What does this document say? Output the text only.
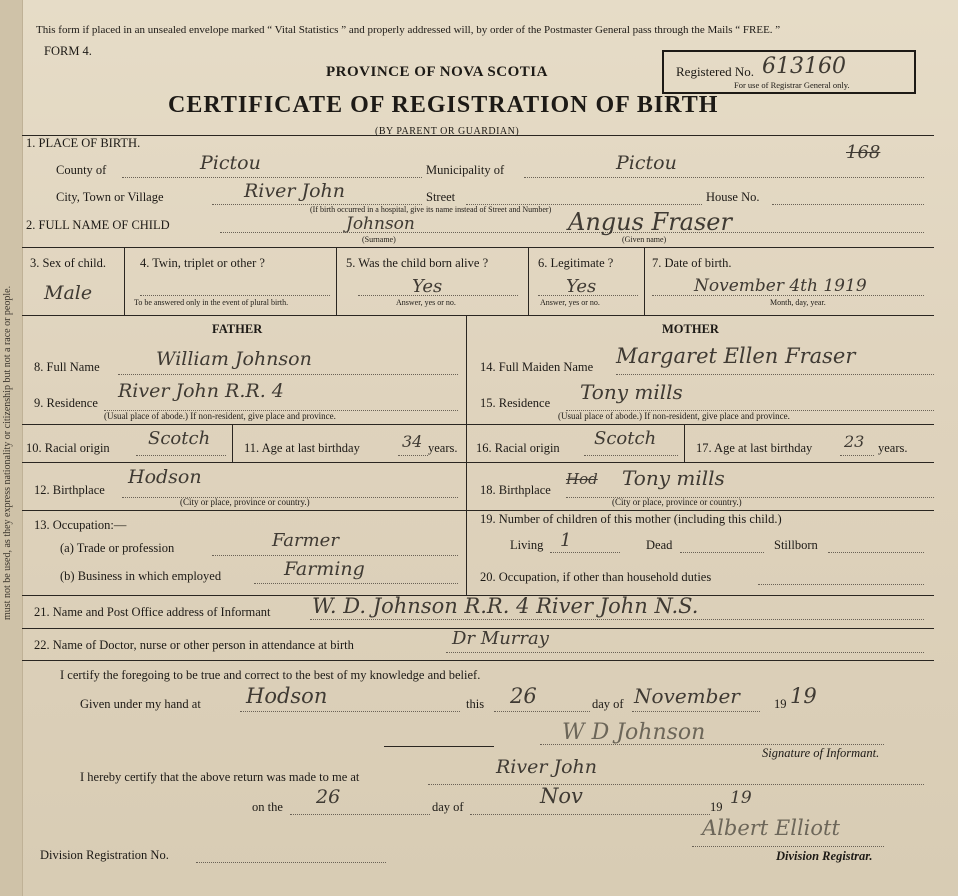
must not be used, as they express nationality or citizenship but not a race or people.
This form if placed in an unsealed envelope marked “ Vital Statistics ” and properly addressed will, by order of the Postmaster General pass through the Mails “ FREE. ”
FORM 4.
PROVINCE OF NOVA SCOTIA
CERTIFICATE OF REGISTRATION OF BIRTH
(BY PARENT OR GUARDIAN)
Registered No. 613160
For use of Registrar General only.
168
1. PLACE OF BIRTH.
County of	Pictou	Municipality of	Pictou
City, Town or Village	River John	Street	House No.
(If birth occurred in a hospital, give its name instead of Street and Number)
2. FULL NAME OF CHILD	Johnson
(Surname)
Angus Fraser
(Given name)
3. Sex of child.
Male
4. Twin, triplet or other ?
To be answered only in the event of plural birth.
5. Was the child born alive ?
Yes
Answer, yes or no.
6. Legitimate ?
Yes
Answer, yes or no.
7. Date of birth.
November 4th 1919
Month, day, year.
FATHER	MOTHER
8. Full Name	William Johnson
9. Residence
River John R.R. 4
(Usual place of abode.) If non-resident, give place and province.
10. Racial origin Scotch	11. Age at last birthday	34 years.
12. Birthplace
Hodson
(City or place, province or country.)
13. Occupation:—
(a) Trade or profession	Farmer
(b) Business in which employed	Farming
14. Full Maiden Name Margaret Ellen Fraser
15. Residence Tony mills
(Usual place of abode.) If non-resident, give place and province.
16. Racial origin Scotch	17. Age at last birthday 23 years.
18. Birthplace
Hod Tony mills
(City or place, province or country.)
19. Number of children of this mother (including this child.)
Living 1	Dead	Stillborn
20. Occupation, if other than household duties
21. Name and Post Office address of Informant W. D. Johnson R.R. 4 River John N.S.
22. Name of Doctor, nurse or other person in attendance at birth	Dr Murray
I certify the foregoing to be true and correct to the best of my knowledge and belief.
Given under my hand at Hodson	this 26	day of November	19 19
W D Johnson
Signature of Informant.
I hereby certify that the above return was made to me at	River John
on the 26	day of	Nov	19 19
Albert Elliott
Division Registration No.	Division Registrar.
